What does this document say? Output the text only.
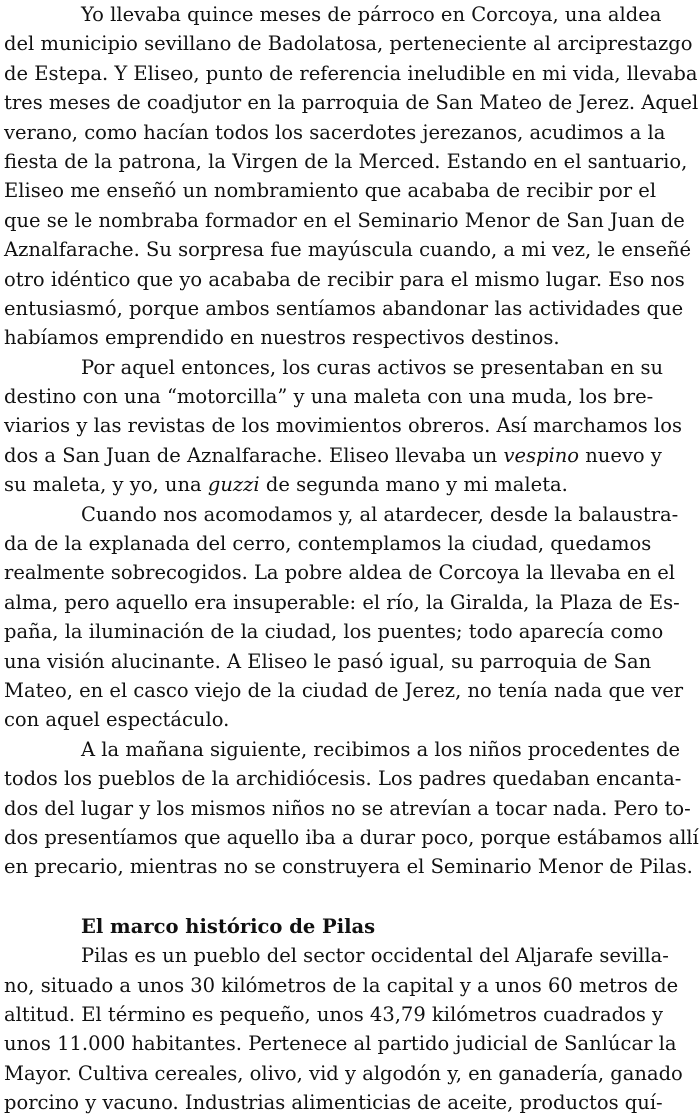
Yo llevaba quince meses de párroco en Corcoya, una aldea
del municipio sevillano de Badolatosa, perteneciente al arciprestazgo
de Estepa. Y Eliseo, punto de referencia ineludible en mi vida, llevaba
tres meses de coadjutor en la parroquia de San Mateo de Jerez. Aquel
verano, como hacían todos los sacerdotes jerezanos, acudimos a la
fiesta de la patrona, la Virgen de la Merced. Estando en el santuario,
Eliseo me enseñó un nombramiento que acababa de recibir por el
que se le nombraba formador en el Seminario Menor de San Juan de
Aznalfarache. Su sorpresa fue mayúscula cuando, a mi vez, le enseñé
otro idéntico que yo acababa de recibir para el mismo lugar. Eso nos
entusiasmó, porque ambos sentíamos abandonar las actividades que
habíamos emprendido en nuestros respectivos destinos.
Por aquel entonces, los curas activos se presentaban en su
destino con una “motorcilla” y una maleta con una muda, los bre-
viarios y las revistas de los movimientos obreros. Así marchamos los
dos a San Juan de Aznalfarache. Eliseo llevaba un vespino nuevo y
su maleta, y yo, una guzzi de segunda mano y mi maleta.
Cuando nos acomodamos y, al atardecer, desde la balaustra-
da de la explanada del cerro, contemplamos la ciudad, quedamos
realmente sobrecogidos. La pobre aldea de Corcoya la llevaba en el
alma, pero aquello era insuperable: el río, la Giralda, la Plaza de Es-
paña, la iluminación de la ciudad, los puentes; todo aparecía como
una visión alucinante. A Eliseo le pasó igual, su parroquia de San
Mateo, en el casco viejo de la ciudad de Jerez, no tenía nada que ver
con aquel espectáculo.
A la mañana siguiente, recibimos a los niños procedentes de
todos los pueblos de la archidiócesis. Los padres quedaban encanta-
dos del lugar y los mismos niños no se atrevían a tocar nada. Pero to-
dos presentíamos que aquello iba a durar poco, porque estábamos allí
en precario, mientras no se construyera el Seminario Menor de Pilas.
El marco histórico de Pilas
Pilas es un pueblo del sector occidental del Aljarafe sevilla-
no, situado a unos 30 kilómetros de la capital y a unos 60 metros de
altitud. El término es pequeño, unos 43,79 kilómetros cuadrados y
unos 11.000 habitantes. Pertenece al partido judicial de Sanlúcar la
Mayor. Cultiva cereales, olivo, vid y algodón y, en ganadería, ganado
porcino y vacuno. Industrias alimenticias de aceite, productos quí-
